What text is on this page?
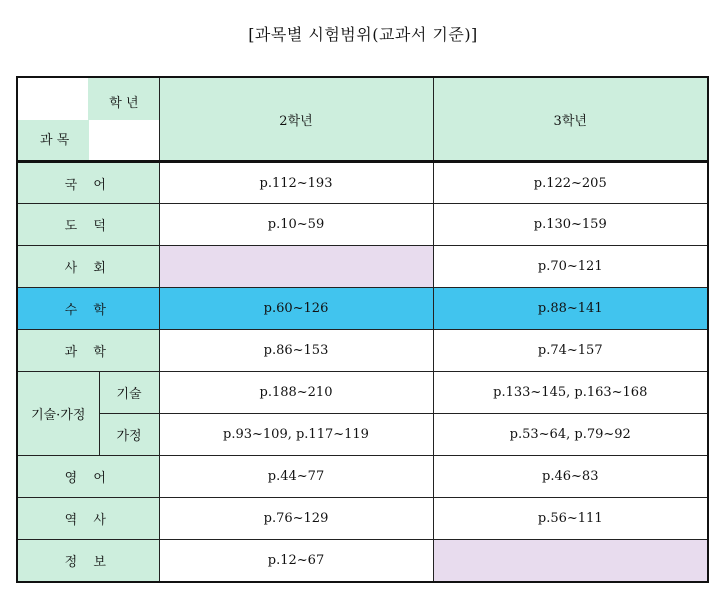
[과목별 시험범위(교과서 기준)]
학 년
과 목		2학년	3학년
국 어		p.112~193	p.122~205
도 덕		p.10~59	p.130~159
사 회			p.70~121
수 학		p.60~126	p.88~141
과 학		p.86~153	p.74~157
기술·가정	기술	p.188~210	p.133~145, p.163~168
	가정	p.93~109, p.117~119	p.53~64, p.79~92
영 어		p.44~77	p.46~83
역 사		p.76~129	p.56~111
정 보		p.12~67	
